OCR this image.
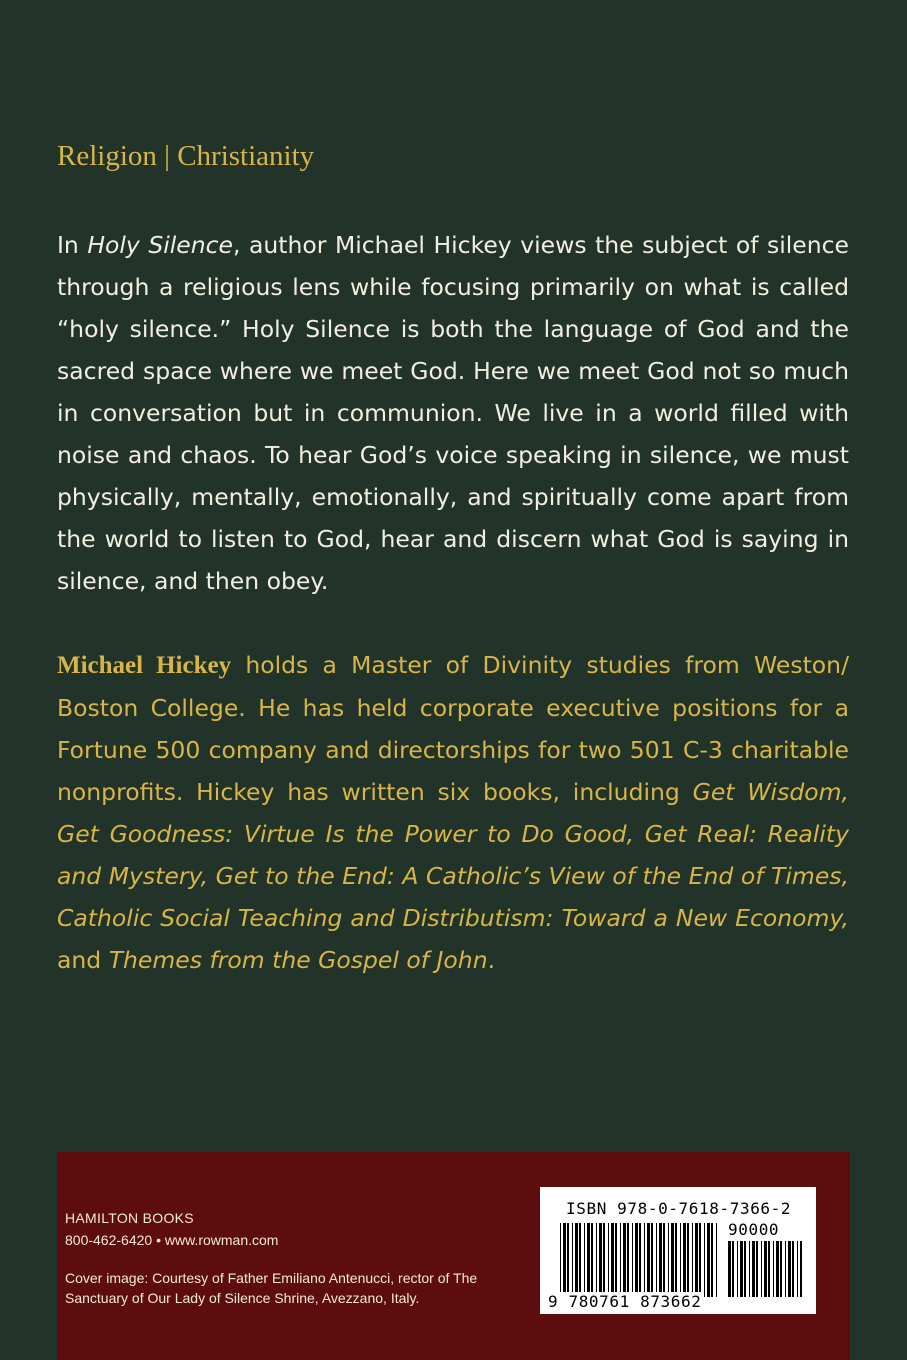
Religion | Christianity

In Holy Silence, author Michael Hickey views the subject of silence through a religious lens while focusing primarily on what is called “holy silence.” Holy Silence is both the language of God and the sacred space where we meet God. Here we meet God not so much in conversation but in communion. We live in a world filled with noise and chaos. To hear God’s voice speaking in silence, we must physically, mentally, emotionally, and spiritually come apart from the world to listen to God, hear and discern what God is saying in silence, and then obey.

Michael Hickey holds a Master of Divinity studies from Weston/ Boston College. He has held corporate executive positions for a Fortune 500 company and directorships for two 501 C-3 charitable nonprofits. Hickey has written six books, including Get Wisdom, Get Goodness: Virtue Is the Power to Do Good, Get Real: Reality and Mystery, Get to the End: A Catholic’s View of the End of Times, Catholic Social Teaching and Distributism: Toward a New Economy, and Themes from the Gospel of John.

HAMILTON BOOKS
800-462-6420 • www.rowman.com

Cover image: Courtesy of Father Emiliano Antenucci, rector of The Sanctuary of Our Lady of Silence Shrine, Avezzano, Italy.

ISBN 978-0-7618-7366-2
90000
9 780761 873662
